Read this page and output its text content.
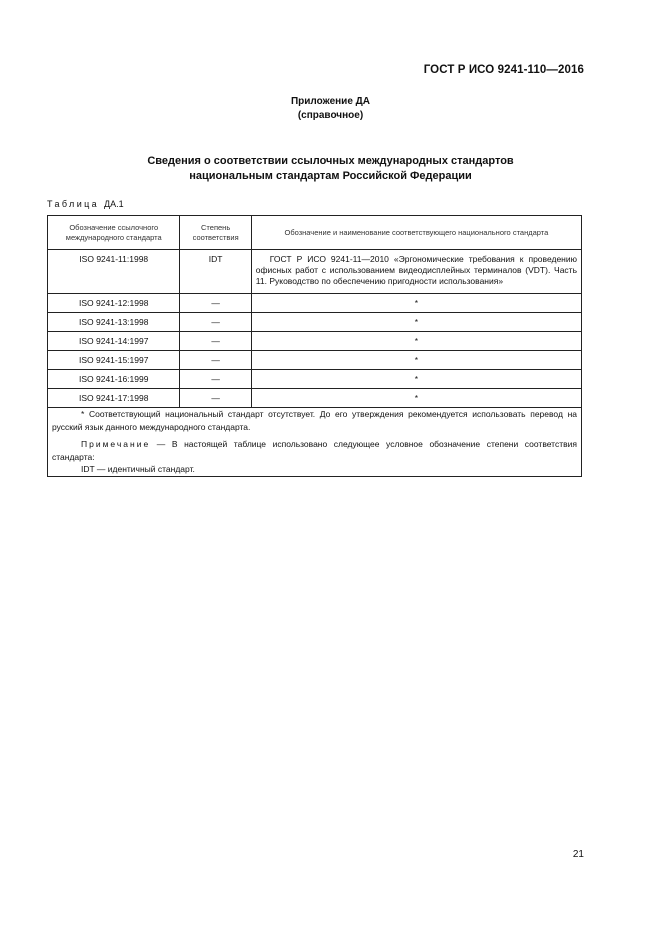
ГОСТ Р ИСО 9241-110—2016
Приложение ДА
(справочное)
Сведения о соответствии ссылочных международных стандартов
национальным стандартам Российской Федерации
Таблица ДА.1
Обозначение ссылочного международного стандарта	Степень соответствия	Обозначение и наименование соответствующего национального стандарта
ISO 9241-11:1998	IDT	ГОСТ Р ИСО 9241-11—2010 «Эргономические требования к проведению офисных работ с использованием видеодисплейных терминалов (VDT). Часть 11. Руководство по обеспечению пригодности использования»
ISO 9241-12:1998	—	*
ISO 9241-13:1998	—	*
ISO 9241-14:1997	—	*
ISO 9241-15:1997	—	*
ISO 9241-16:1999	—	*
ISO 9241-17:1998	—	*

* Соответствующий национальный стандарт отсутствует. До его утверждения рекомендуется использовать перевод на русский язык данного международного стандарта.

Примечание — В настоящей таблице использовано следующее условное обозначение степени соответствия стандарта:

IDT — идентичный стандарт.		

21
